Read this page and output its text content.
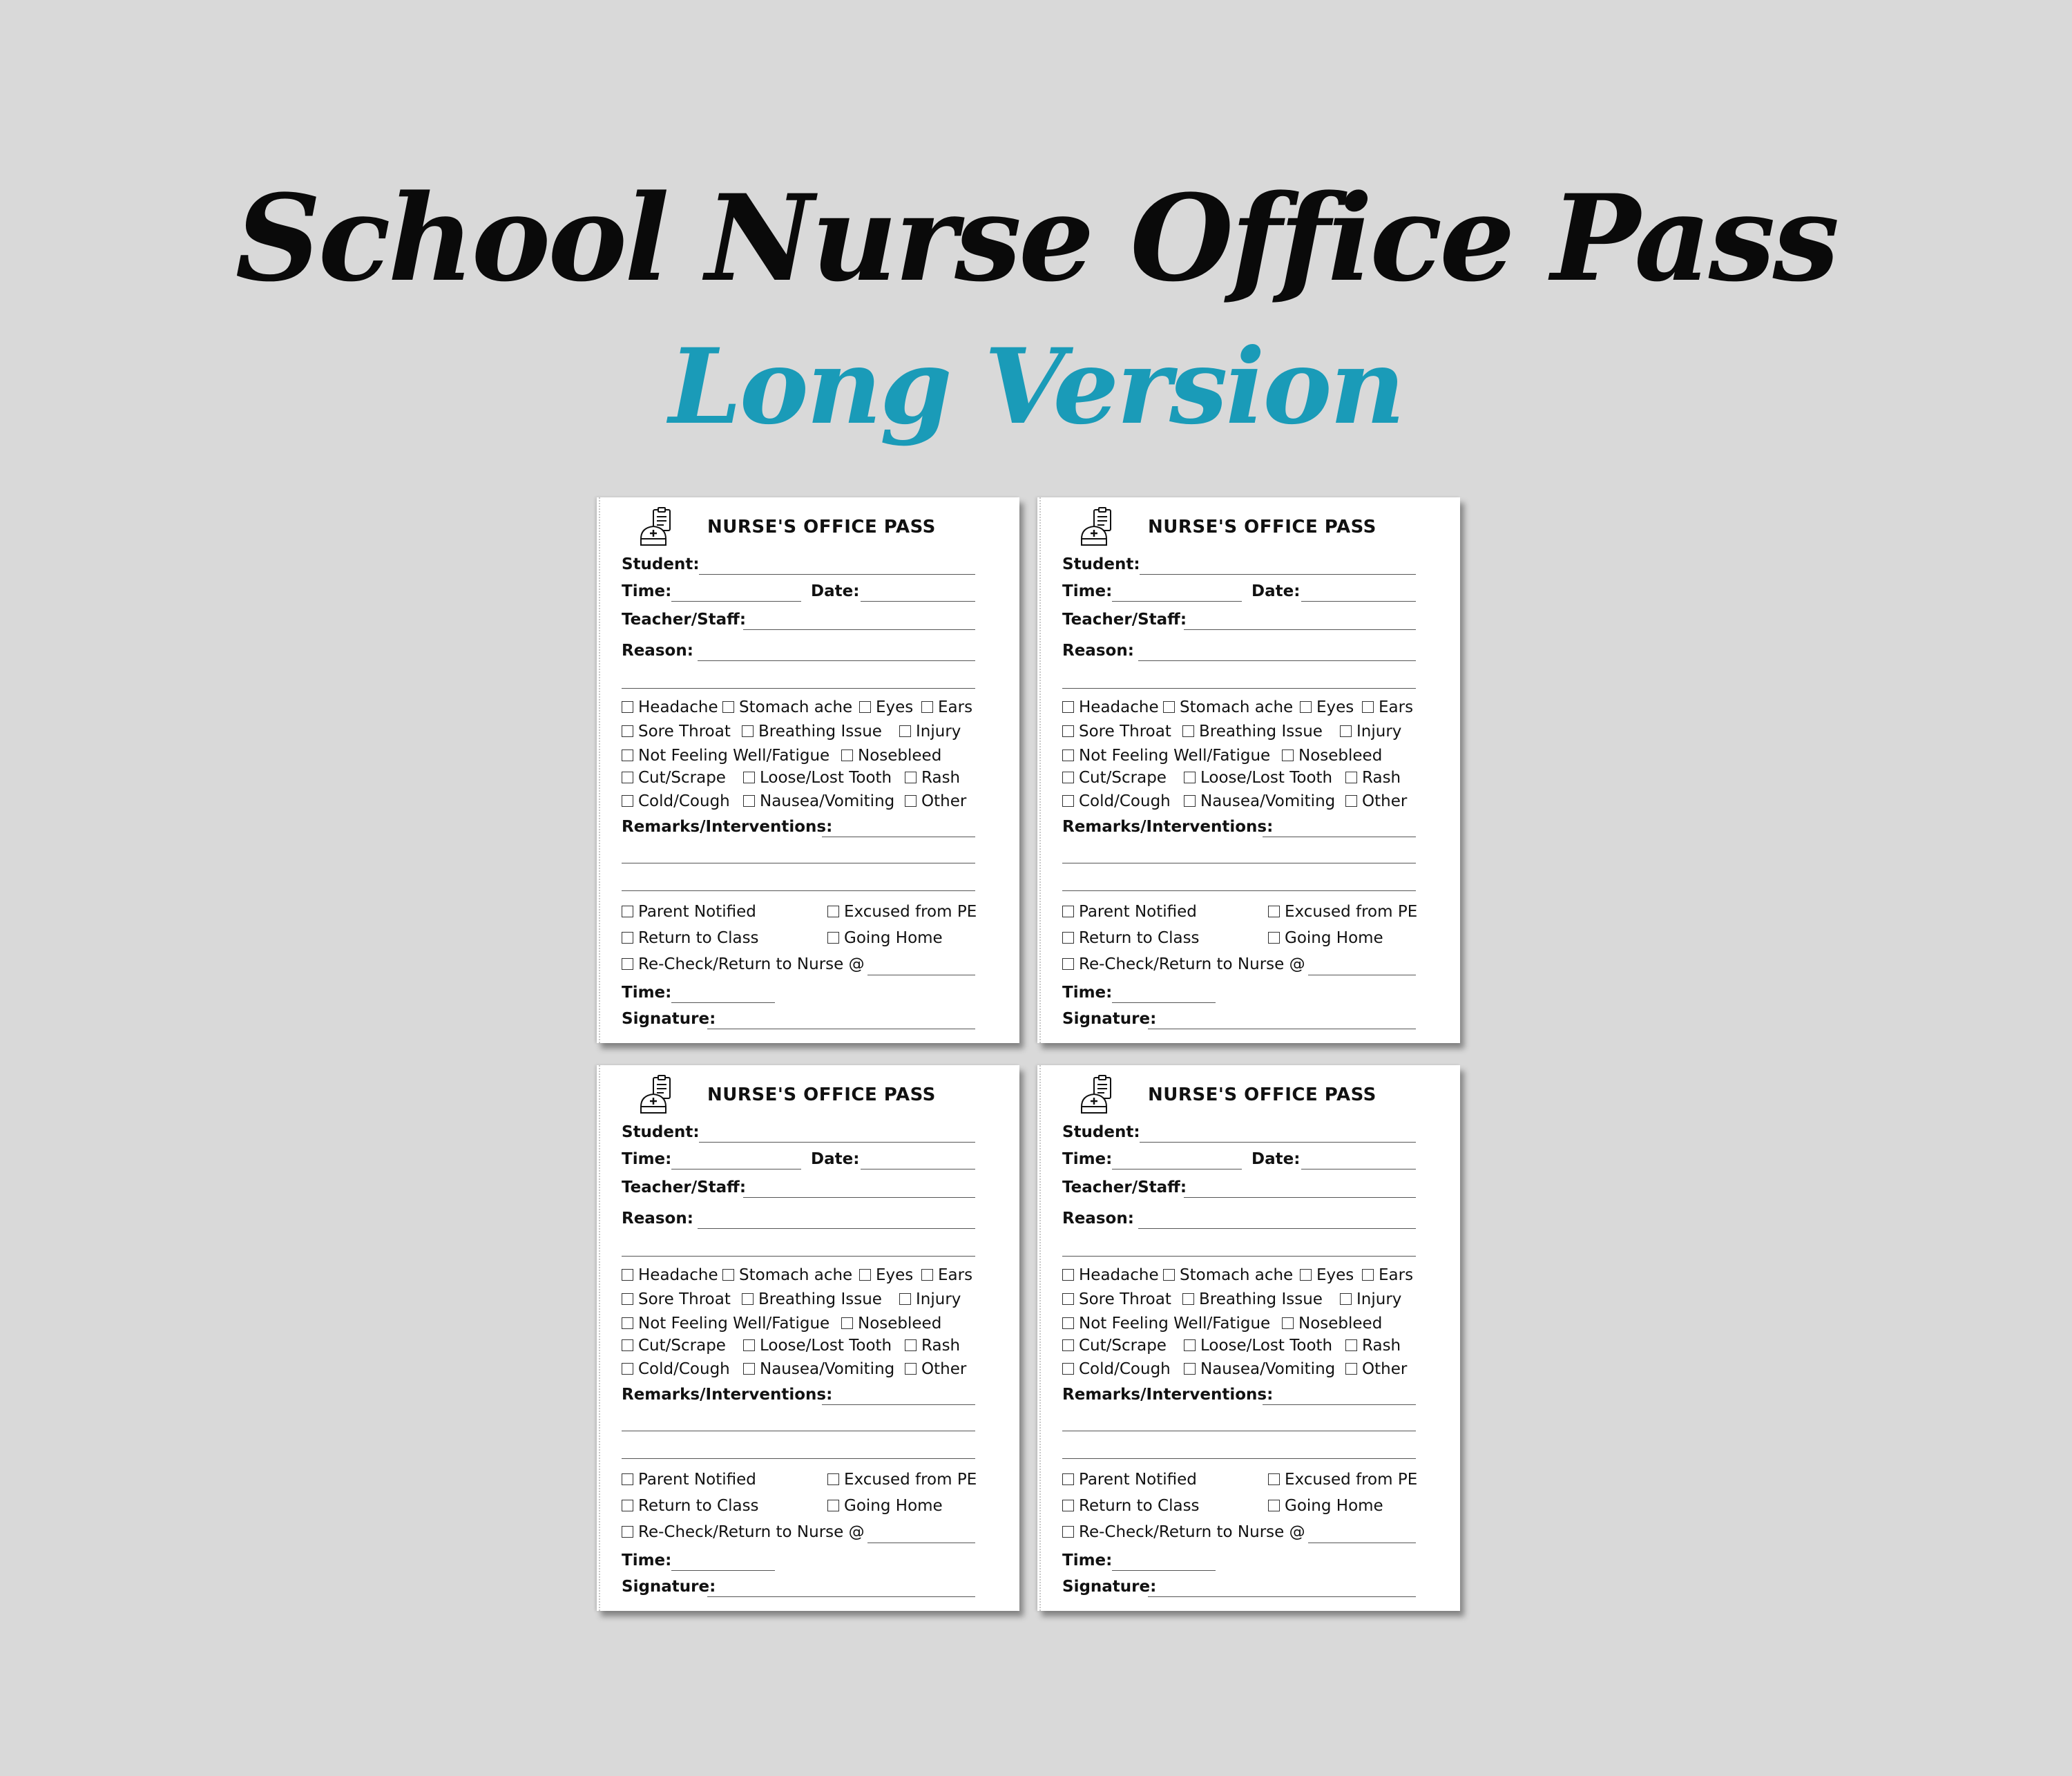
School Nurse Office Pass
Long Version
NURSE'S OFFICE PASS
Student:
Time:	Date:
Teacher/Staff:
Reason:
Headache	Stomach ache	Eyes	Ears
Sore Throat	Breathing Issue	Injury
Not Feeling Well/Fatigue	Nosebleed
Cut/Scrape	Loose/Lost Tooth	Rash
Cold/Cough	Nausea/Vomiting	Other
Remarks/Interventions:
Parent Notified	Excused from PE
Return to Class	Going Home
Re-Check/Return to Nurse @
Time:
Signature:
NURSE'S OFFICE PASS
Student:
Time:	Date:
Teacher/Staff:
Reason:
Headache	Stomach ache	Eyes	Ears
Sore Throat	Breathing Issue	Injury
Not Feeling Well/Fatigue	Nosebleed
Cut/Scrape	Loose/Lost Tooth	Rash
Cold/Cough	Nausea/Vomiting	Other
Remarks/Interventions:
Parent Notified	Excused from PE
Return to Class	Going Home
Re-Check/Return to Nurse @
Time:
Signature:
NURSE'S OFFICE PASS
Student:
Time:	Date:
Teacher/Staff:
Reason:
Headache	Stomach ache	Eyes	Ears
Sore Throat	Breathing Issue	Injury
Not Feeling Well/Fatigue	Nosebleed
Cut/Scrape	Loose/Lost Tooth	Rash
Cold/Cough	Nausea/Vomiting	Other
Remarks/Interventions:
Parent Notified	Excused from PE
Return to Class	Going Home
Re-Check/Return to Nurse @
Time:
Signature:
NURSE'S OFFICE PASS
Student:
Time:	Date:
Teacher/Staff:
Reason:
Headache	Stomach ache	Eyes	Ears
Sore Throat	Breathing Issue	Injury
Not Feeling Well/Fatigue	Nosebleed
Cut/Scrape	Loose/Lost Tooth	Rash
Cold/Cough	Nausea/Vomiting	Other
Remarks/Interventions:
Parent Notified	Excused from PE
Return to Class	Going Home
Re-Check/Return to Nurse @
Time:
Signature:
